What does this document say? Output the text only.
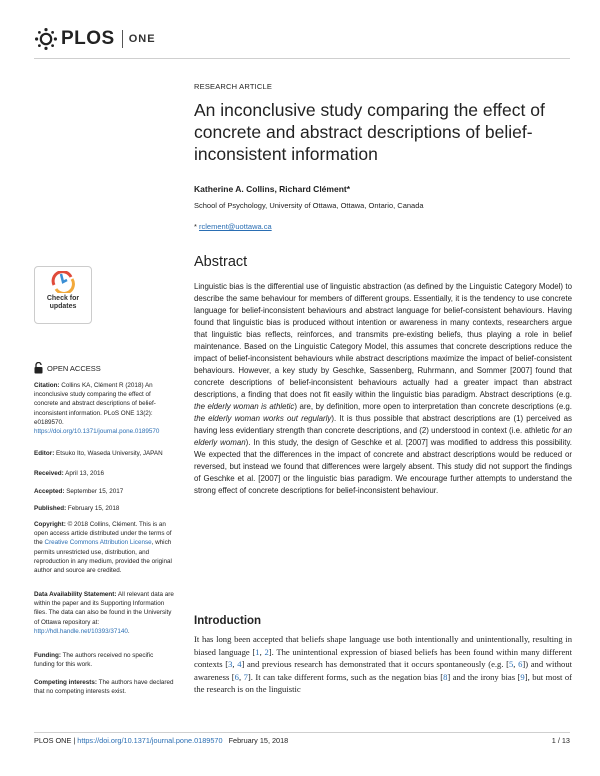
PLOS ONE
RESEARCH ARTICLE
An inconclusive study comparing the effect of concrete and abstract descriptions of belief-inconsistent information
Katherine A. Collins, Richard Clément*
School of Psychology, University of Ottawa, Ottawa, Ontario, Canada
* rclement@uottawa.ca
Abstract
Linguistic bias is the differential use of linguistic abstraction (as defined by the Linguistic Category Model) to describe the same behaviour for members of different groups. Essentially, it is the tendency to use concrete language for belief-inconsistent behaviours and abstract language for belief-consistent behaviours. Having found that linguistic bias is produced without intention or awareness in many contexts, researchers argue that linguistic bias reflects, reinforces, and transmits pre-existing beliefs, thus playing a role in belief maintenance. Based on the Linguistic Category Model, this assumes that concrete descriptions reduce the impact of belief-inconsistent behaviours while abstract descriptions maximize the impact of belief-consistent behaviours. However, a key study by Geschke, Sassenberg, Ruhrmann, and Sommer [2007] found that concrete descriptions of belief-inconsistent behaviours actually had a greater impact than abstract descriptions, a finding that does not fit easily within the linguistic bias paradigm. Abstract descriptions (e.g. the elderly woman is athletic) are, by definition, more open to interpretation than concrete descriptions (e.g. the elderly woman works out regularly). It is thus possible that abstract descriptions are (1) perceived as having less evidentiary strength than concrete descriptions, and (2) understood in context (i.e. athletic for an elderly woman). In this study, the design of Geschke et al. [2007] was modified to address this possibility. We expected that the differences in the impact of concrete and abstract descriptions would be reduced or reversed, but instead we found that differences were largely absent. This study did not support the findings of Geschke et al. [2007] or the linguistic bias paradigm. We encourage further attempts to understand the strong effect of concrete descriptions for belief-inconsistent behaviour.
Introduction
It has long been accepted that beliefs shape language use both intentionally and unintentionally, resulting in biased language [1, 2]. The unintentional expression of biased beliefs has been found within many different contexts [3, 4] and previous research has demonstrated that it occurs spontaneously (e.g. [5, 6]) and without awareness [6, 7]. It can take different forms, such as the negation bias [8] and the irony bias [9], but most of the research is on the linguistic
Check for
updates
OPEN ACCESS
Citation: Collins KA, Clément R (2018) An inconclusive study comparing the effect of concrete and abstract descriptions of belief-inconsistent information. PLoS ONE 13(2): e0189570. https://doi.org/10.1371/journal.pone.0189570
Editor: Etsuko Ito, Waseda University, JAPAN
Received: April 13, 2016
Accepted: September 15, 2017
Published: February 15, 2018
Copyright: © 2018 Collins, Clément. This is an open access article distributed under the terms of the Creative Commons Attribution License, which permits unrestricted use, distribution, and reproduction in any medium, provided the original author and source are credited.
Data Availability Statement: All relevant data are within the paper and its Supporting Information files. The data can also be found in the University of Ottawa repository at: http://hdl.handle.net/10393/37140.
Funding: The authors received no specific funding for this work.
Competing interests: The authors have declared that no competing interests exist.
PLOS ONE | https://doi.org/10.1371/journal.pone.0189570   February 15, 2018	1 / 13
